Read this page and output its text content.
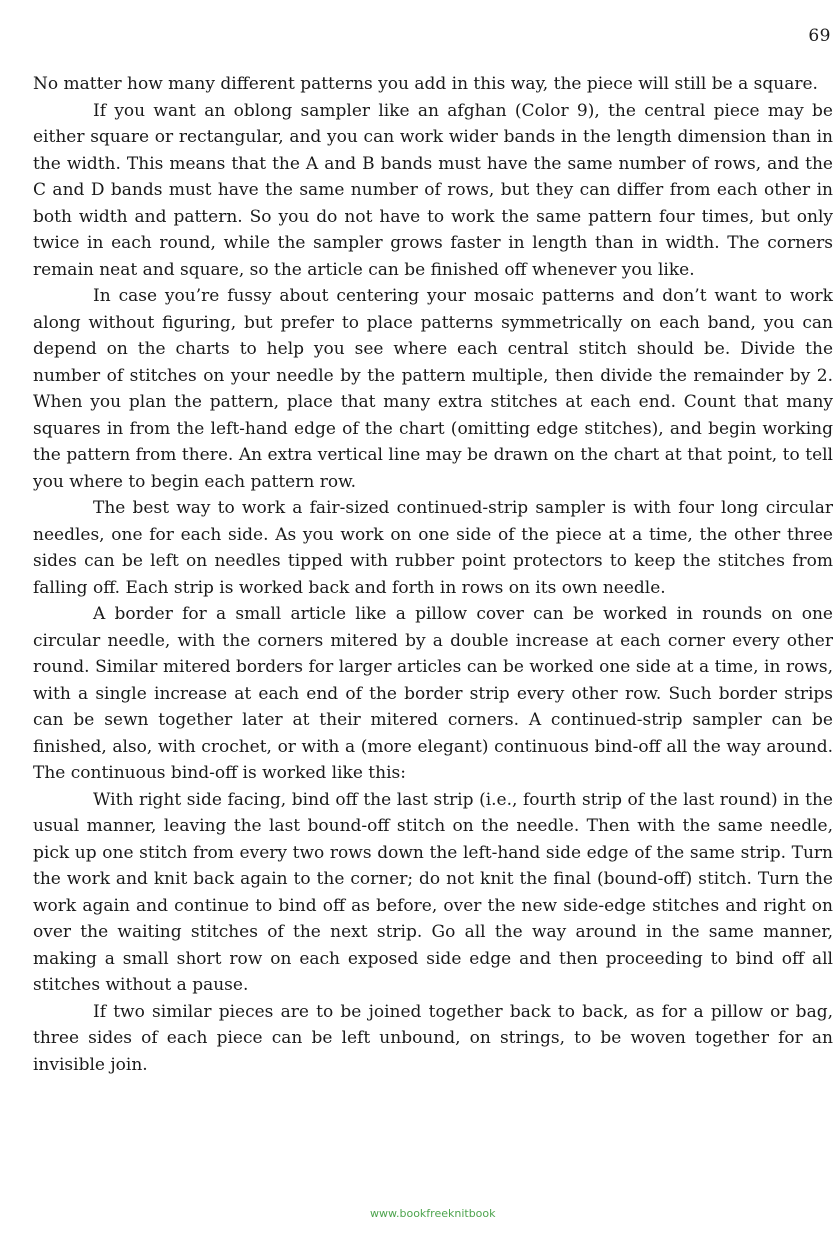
69

No matter how many different patterns you add in this way, the piece will still be a square.

If you want an oblong sampler like an afghan (Color 9), the central piece may be either square or rectangular, and you can work wider bands in the length dimension than in the width. This means that the A and B bands must have the same number of rows, and the C and D bands must have the same number of rows, but they can differ from each other in both width and pattern. So you do not have to work the same pattern four times, but only twice in each round, while the sampler grows faster in length than in width. The corners remain neat and square, so the article can be finished off whenever you like.

In case you’re fussy about centering your mosaic patterns and don’t want to work along without figuring, but prefer to place patterns symmetrically on each band, you can depend on the charts to help you see where each central stitch should be. Divide the number of stitches on your needle by the pattern multiple, then divide the remainder by 2. When you plan the pattern, place that many extra stitches at each end. Count that many squares in from the left-hand edge of the chart (omitting edge stitches), and begin working the pattern from there. An extra vertical line may be drawn on the chart at that point, to tell you where to begin each pattern row.

The best way to work a fair-sized continued-strip sampler is with four long circular needles, one for each side. As you work on one side of the piece at a time, the other three sides can be left on needles tipped with rubber point protectors to keep the stitches from falling off. Each strip is worked back and forth in rows on its own needle.

A border for a small article like a pillow cover can be worked in rounds on one circular needle, with the corners mitered by a double increase at each corner every other round. Similar mitered borders for larger articles can be worked one side at a time, in rows, with a single increase at each end of the border strip every other row. Such border strips can be sewn together later at their mitered corners. A continued-strip sampler can be finished, also, with crochet, or with a (more elegant) continuous bind-off all the way around. The continuous bind-off is worked like this:

With right side facing, bind off the last strip (i.e., fourth strip of the last round) in the usual manner, leaving the last bound-off stitch on the needle. Then with the same needle, pick up one stitch from every two rows down the left-hand side edge of the same strip. Turn the work and knit back again to the corner; do not knit the final (bound-off) stitch. Turn the work again and continue to bind off as before, over the new side-edge stitches and right on over the waiting stitches of the next strip. Go all the way around in the same manner, making a small short row on each exposed side edge and then proceeding to bind off all stitches without a pause.

If two similar pieces are to be joined together back to back, as for a pillow or bag, three sides of each piece can be left unbound, on strings, to be woven together for an invisible join.

www.bookfreeknitbook
